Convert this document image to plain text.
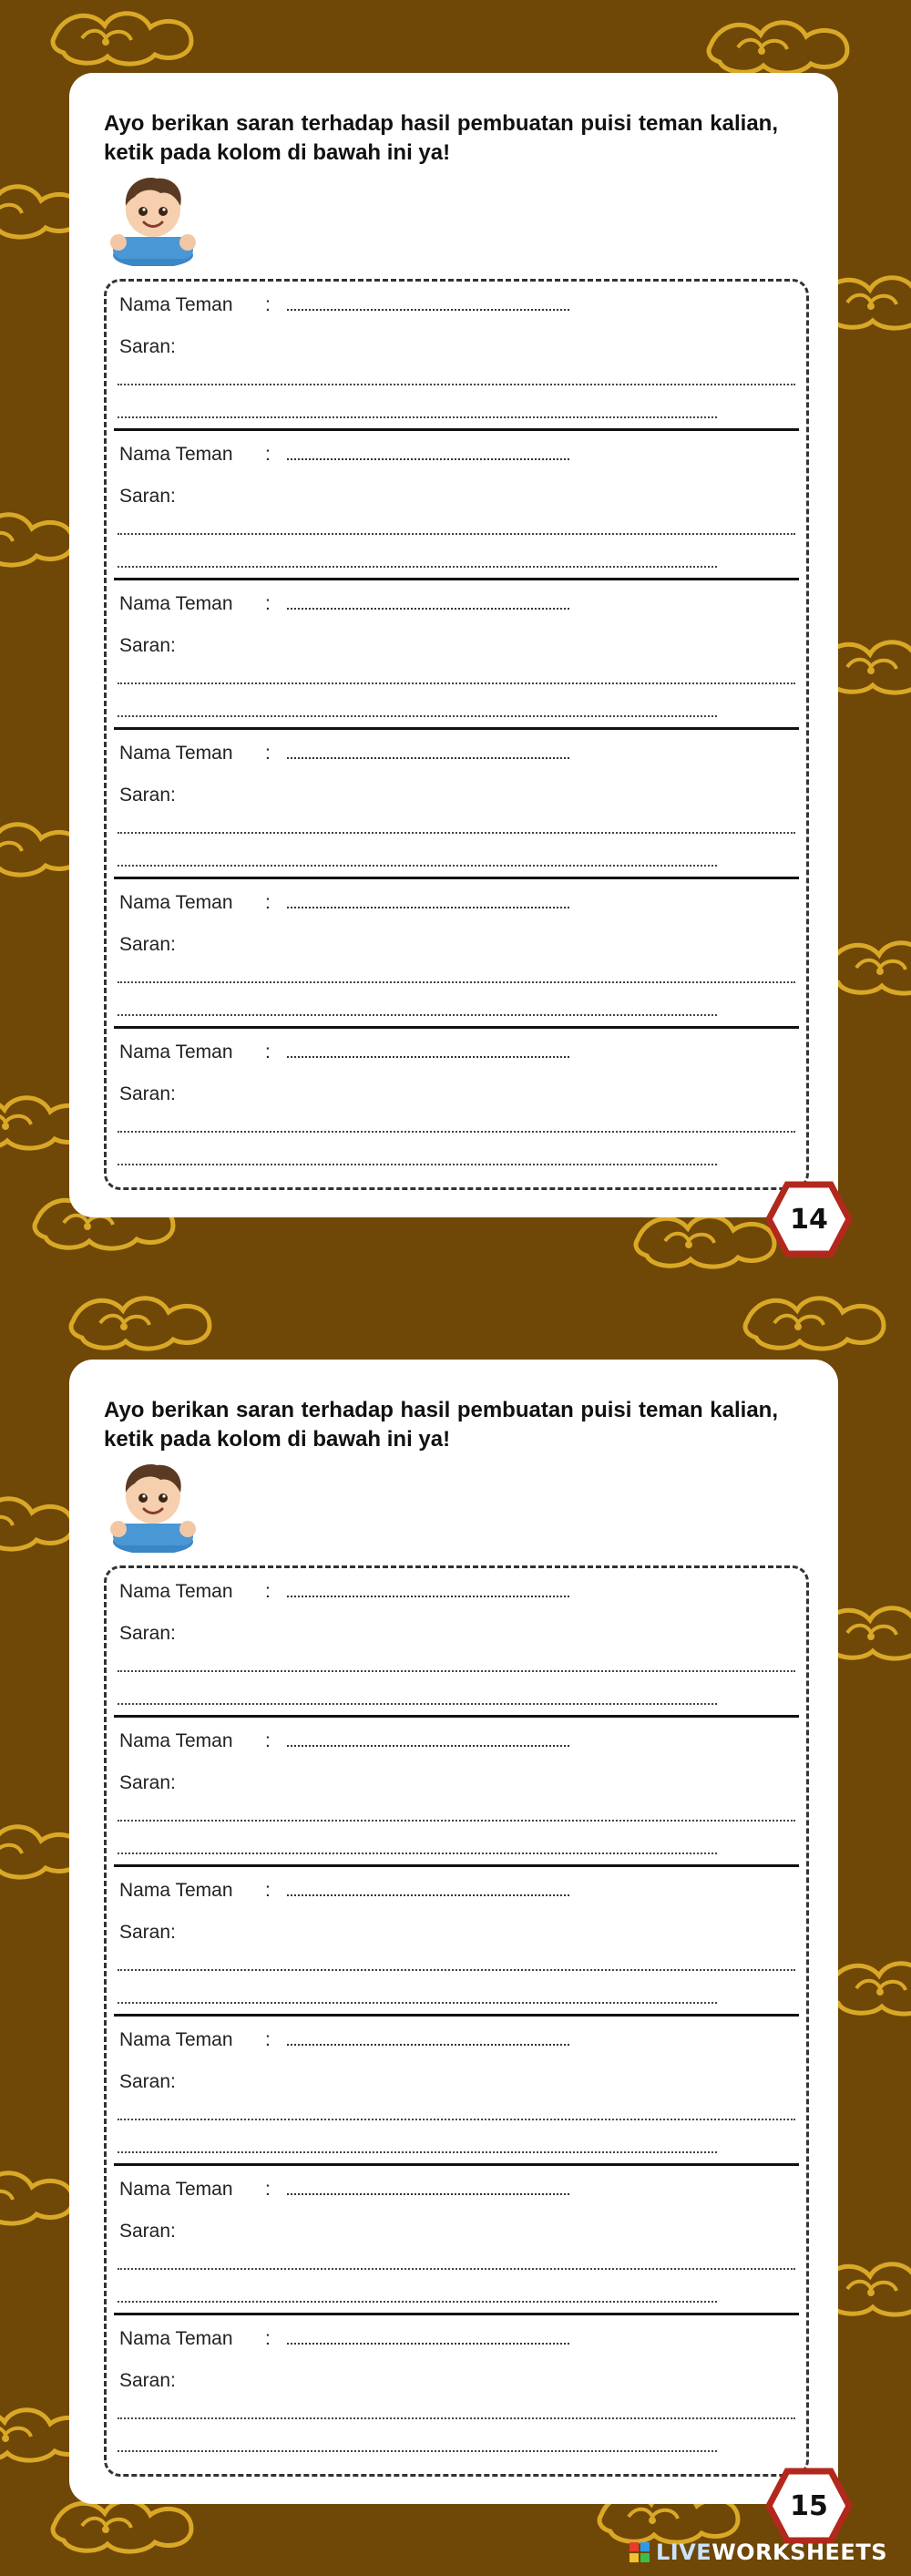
Ayo berikan saran terhadap hasil pembuatan puisi teman kalian, ketik pada kolom di bawah ini ya!

Nama Teman	:
Saran:
Nama Teman	:
Saran:
Nama Teman	:
Saran:
Nama Teman	:
Saran:
Nama Teman	:
Saran:
Nama Teman	:
Saran:
14

Ayo berikan saran terhadap hasil pembuatan puisi teman kalian, ketik pada kolom di bawah ini ya!

Nama Teman	:
Saran:
Nama Teman	:
Saran:
Nama Teman	:
Saran:
Nama Teman	:
Saran:
Nama Teman	:
Saran:
Nama Teman	:
Saran:
15
LIVEWORKSHEETS
